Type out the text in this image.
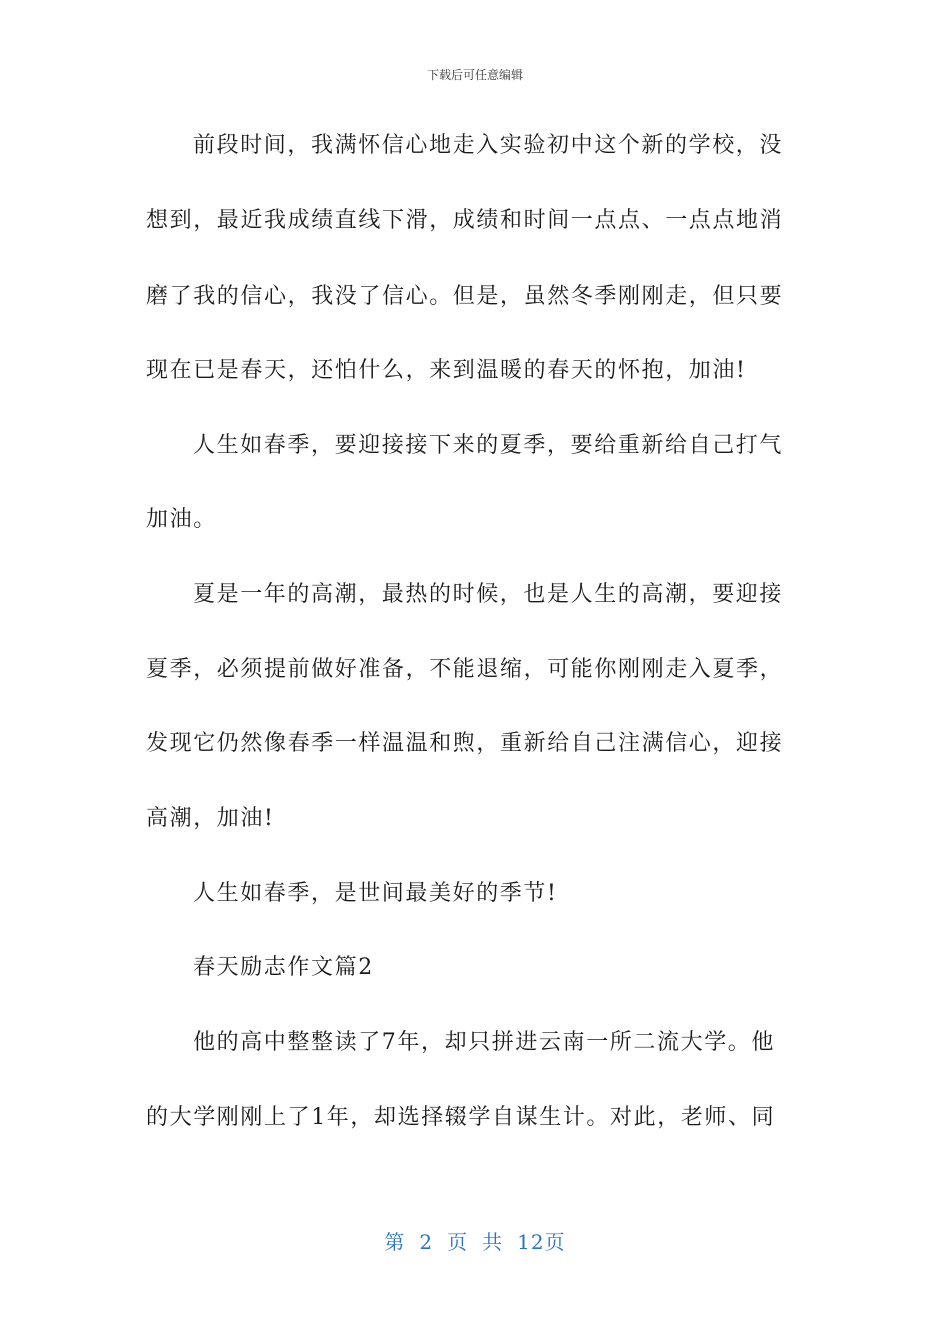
下载后可任意编辑
前段时间，我满怀信心地走入实验初中这个新的学校，没
想到，最近我成绩直线下滑，成绩和时间一点点、一点点地消
磨了我的信心，我没了信心。但是，虽然冬季刚刚走，但只要
现在已是春天，还怕什么，来到温暖的春天的怀抱，加油!
人生如春季，要迎接接下来的夏季，要给重新给自己打气
加油。
夏是一年的高潮，最热的时候，也是人生的高潮，要迎接
夏季，必须提前做好准备，不能退缩，可能你刚刚走入夏季，
发现它仍然像春季一样温温和煦，重新给自己注满信心，迎接
高潮，加油!
人生如春季，是世间最美好的季节!
春天励志作文篇2
他的高中整整读了7年，却只拼进云南一所二流大学。他
的大学刚刚上了1年，却选择辍学自谋生计。对此，老师、同
第 2 页 共 12页
